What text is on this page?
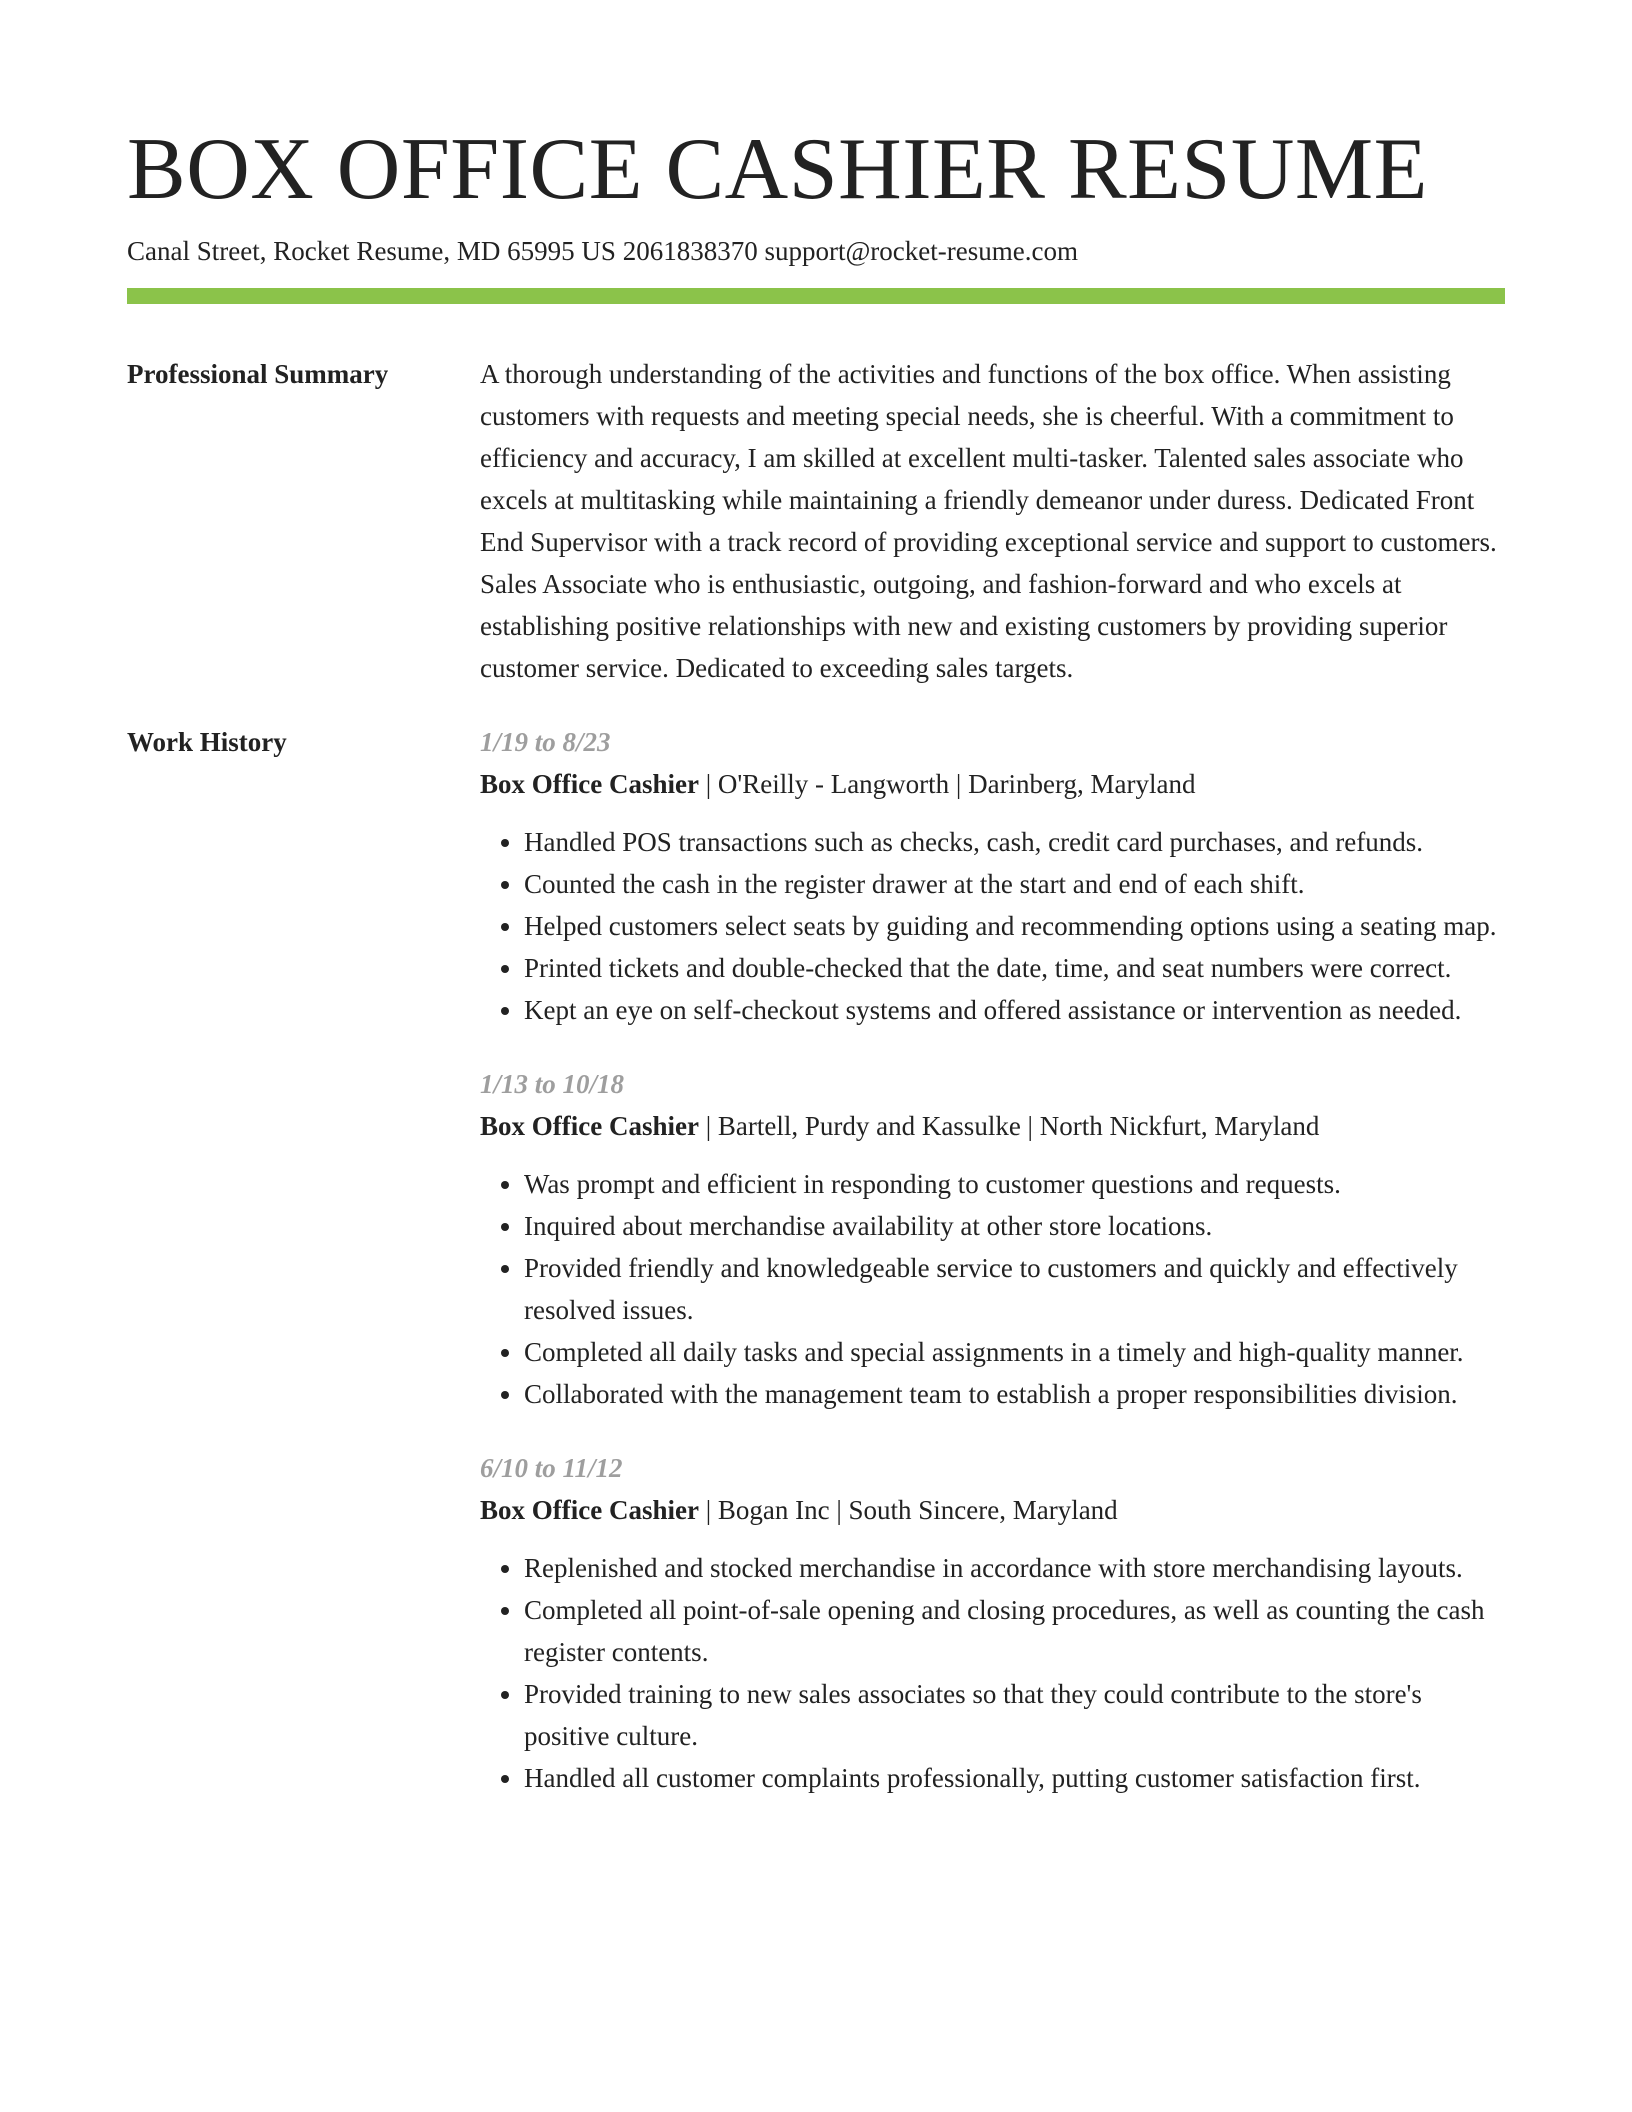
BOX OFFICE CASHIER RESUME
Canal Street, Rocket Resume, MD 65995 US 2061838370 support@rocket-resume.com
Professional Summary	A thorough understanding of the activities and functions of the box office. When assisting customers with requests and meeting special needs, she is cheerful. With a commitment to efficiency and accuracy, I am skilled at excellent multi-tasker. Talented sales associate who excels at multitasking while maintaining a friendly demeanor under duress. Dedicated Front End Supervisor with a track record of providing exceptional service and support to customers. Sales Associate who is enthusiastic, outgoing, and fashion-forward and who excels at establishing positive relationships with new and existing customers by providing superior customer service. Dedicated to exceeding sales targets.

Work History	1/19 to 8/23
Box Office Cashier | O'Reilly - Langworth | Darinberg, Maryland
• Handled POS transactions such as checks, cash, credit card purchases, and refunds.
• Counted the cash in the register drawer at the start and end of each shift.
• Helped customers select seats by guiding and recommending options using a seating map.
• Printed tickets and double-checked that the date, time, and seat numbers were correct.
• Kept an eye on self-checkout systems and offered assistance or intervention as needed.
1/13 to 10/18
Box Office Cashier | Bartell, Purdy and Kassulke | North Nickfurt, Maryland
• Was prompt and efficient in responding to customer questions and requests.
• Inquired about merchandise availability at other store locations.
• Provided friendly and knowledgeable service to customers and quickly and effectively resolved issues.
• Completed all daily tasks and special assignments in a timely and high-quality manner.
• Collaborated with the management team to establish a proper responsibilities division.
6/10 to 11/12
Box Office Cashier | Bogan Inc | South Sincere, Maryland
• Replenished and stocked merchandise in accordance with store merchandising layouts.
• Completed all point-of-sale opening and closing procedures, as well as counting the cash register contents.
• Provided training to new sales associates so that they could contribute to the store's positive culture.
• Handled all customer complaints professionally, putting customer satisfaction first.
